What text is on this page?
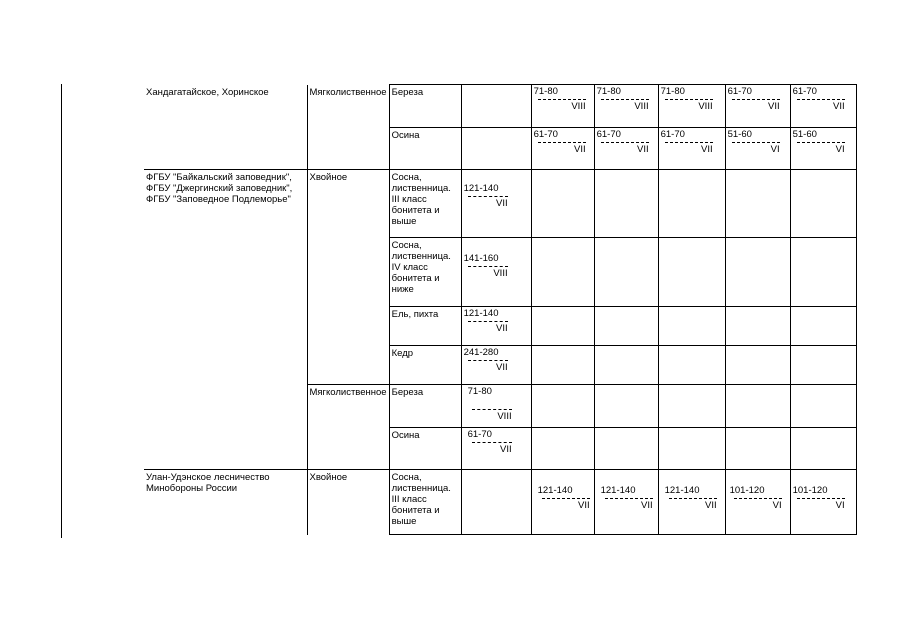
Хандагатайское, Хоринское	Мягколиственное	Береза		$\frac{71-80}{\text{VIII}}$	$\frac{71-80}{\text{VIII}}$	$\frac{71-80}{\text{VIII}}$	$\frac{61-70}{\text{VII}}$	$\frac{61-70}{\text{VII}}$

		Осина		$\frac{61-70}{\text{VII}}$	$\frac{61-70}{\text{VII}}$	$\frac{61-70}{\text{VII}}$	$\frac{51-60}{VI}$	$\frac{51-60}{VI}$

ФГБУ "Байкальский заповедник", ФГБУ "Джергинский заповедник", ФГБУ "Заповедное Подлеморье"	Хвойное	Сосна, лиственница. III класс бонитета и выше	$\frac{121-140}{\text{VII}}$

		Сосна, лиственница. IV класс бонитета и ниже	$\frac{141-160}{\text{VIII}}$

		Ель, пихта	$\frac{121-140}{\text{VII}}$

		Кедр	$\frac{241-280}{\text{VII}}$

	Мягколиственное	Береза	$\frac{71-80}{\text{VIII}}$

		Осина	$\frac{61-70}{\text{VII}}$

Улан-Удэнское лесничество Минобороны России	Хвойное	Сосна, лиственница. III класс бонитета и выше		$\frac{121-140}{\text{VII}}$	$\frac{121-140}{\text{VII}}$	$\frac{121-140}{\text{VII}}$	$\frac{101-120}{VI}$	$\frac{101-120}{VI}$
